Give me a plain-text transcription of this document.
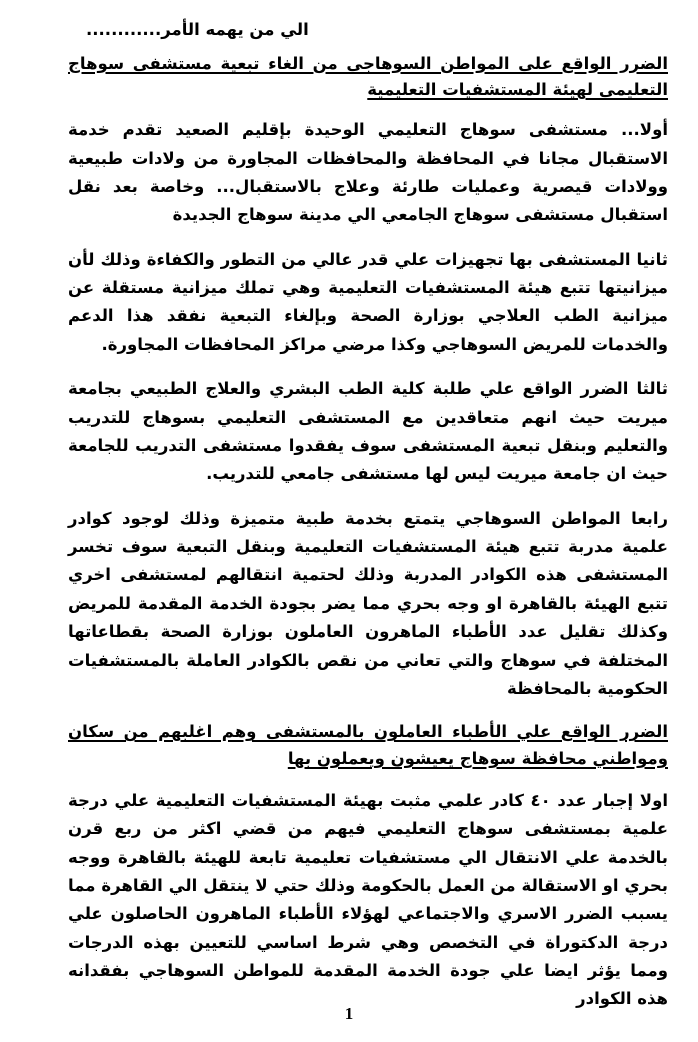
الي من يهمه الأمر............

الضرر الواقع على المواطن السوهاجى من الغاء تبعية مستشفى سوهاج التعليمى لهيئة المستشفيات التعليمية

أولا... مستشفى سوهاج التعليمي الوحيدة بإقليم الصعيد تقدم خدمة الاستقبال مجانا في المحافظة والمحافظات المجاورة من ولادات طبيعية وولادات قيصرية وعمليات طارئة وعلاج بالاستقبال... وخاصة بعد نقل استقبال مستشفى سوهاج الجامعي الي مدينة سوهاج الجديدة

ثانيا المستشفى بها تجهيزات علي قدر عالي من التطور والكفاءة وذلك لأن ميزانيتها تتبع هيئة المستشفيات التعليمية وهي تملك ميزانية مستقلة عن ميزانية الطب العلاجي بوزارة الصحة وبإلغاء التبعية نفقد هذا الدعم والخدمات للمريض السوهاجي وكذا مرضي مراكز المحافظات المجاورة.

ثالثا الضرر الواقع علي طلبة كلية الطب البشري والعلاج الطبيعي بجامعة ميريت حيث انهم متعاقدين مع المستشفى التعليمي بسوهاج للتدريب والتعليم وبنقل تبعية المستشفى سوف يفقدوا مستشفى التدريب للجامعة حيث ان جامعة ميريت ليس لها مستشفى جامعي للتدريب.

رابعا المواطن السوهاجي يتمتع بخدمة طبية متميزة وذلك لوجود كوادر علمية مدربة تتبع هيئة المستشفيات التعليمية وبنقل التبعية سوف تخسر المستشفى هذه الكوادر المدربة وذلك لحتمية انتقالهم لمستشفى اخري تتبع الهيئة بالقاهرة او وجه بحري مما يضر بجودة الخدمة المقدمة للمريض وكذلك تقليل عدد الأطباء الماهرون العاملون بوزارة الصحة بقطاعاتها المختلفة في سوهاج والتي تعاني من نقص بالكوادر العاملة بالمستشفيات الحكومية بالمحافظة

الضرر الواقع علي الأطباء العاملون بالمستشفى وهم اغلبهم من سكان ومواطني محافظة سوهاج يعيشون ويعملون بها

اولا إجبار عدد ٤٠ كادر علمي مثبت بهيئة المستشفيات التعليمية علي درجة علمية بمستشفى سوهاج التعليمي فيهم من قضي اكثر من ربع قرن بالخدمة علي الانتقال الي مستشفيات تعليمية تابعة للهيئة بالقاهرة ووجه بحري او الاستقالة من العمل بالحكومة وذلك حتي لا ينتقل الي القاهرة مما يسبب الضرر الاسري والاجتماعي لهؤلاء الأطباء الماهرون الحاصلون علي درجة الدكتوراة في التخصص وهي شرط اساسي للتعيين بهذه الدرجات ومما يؤثر ايضا علي جودة الخدمة المقدمة للمواطن السوهاجي بفقدانه هذه الكوادر

1
